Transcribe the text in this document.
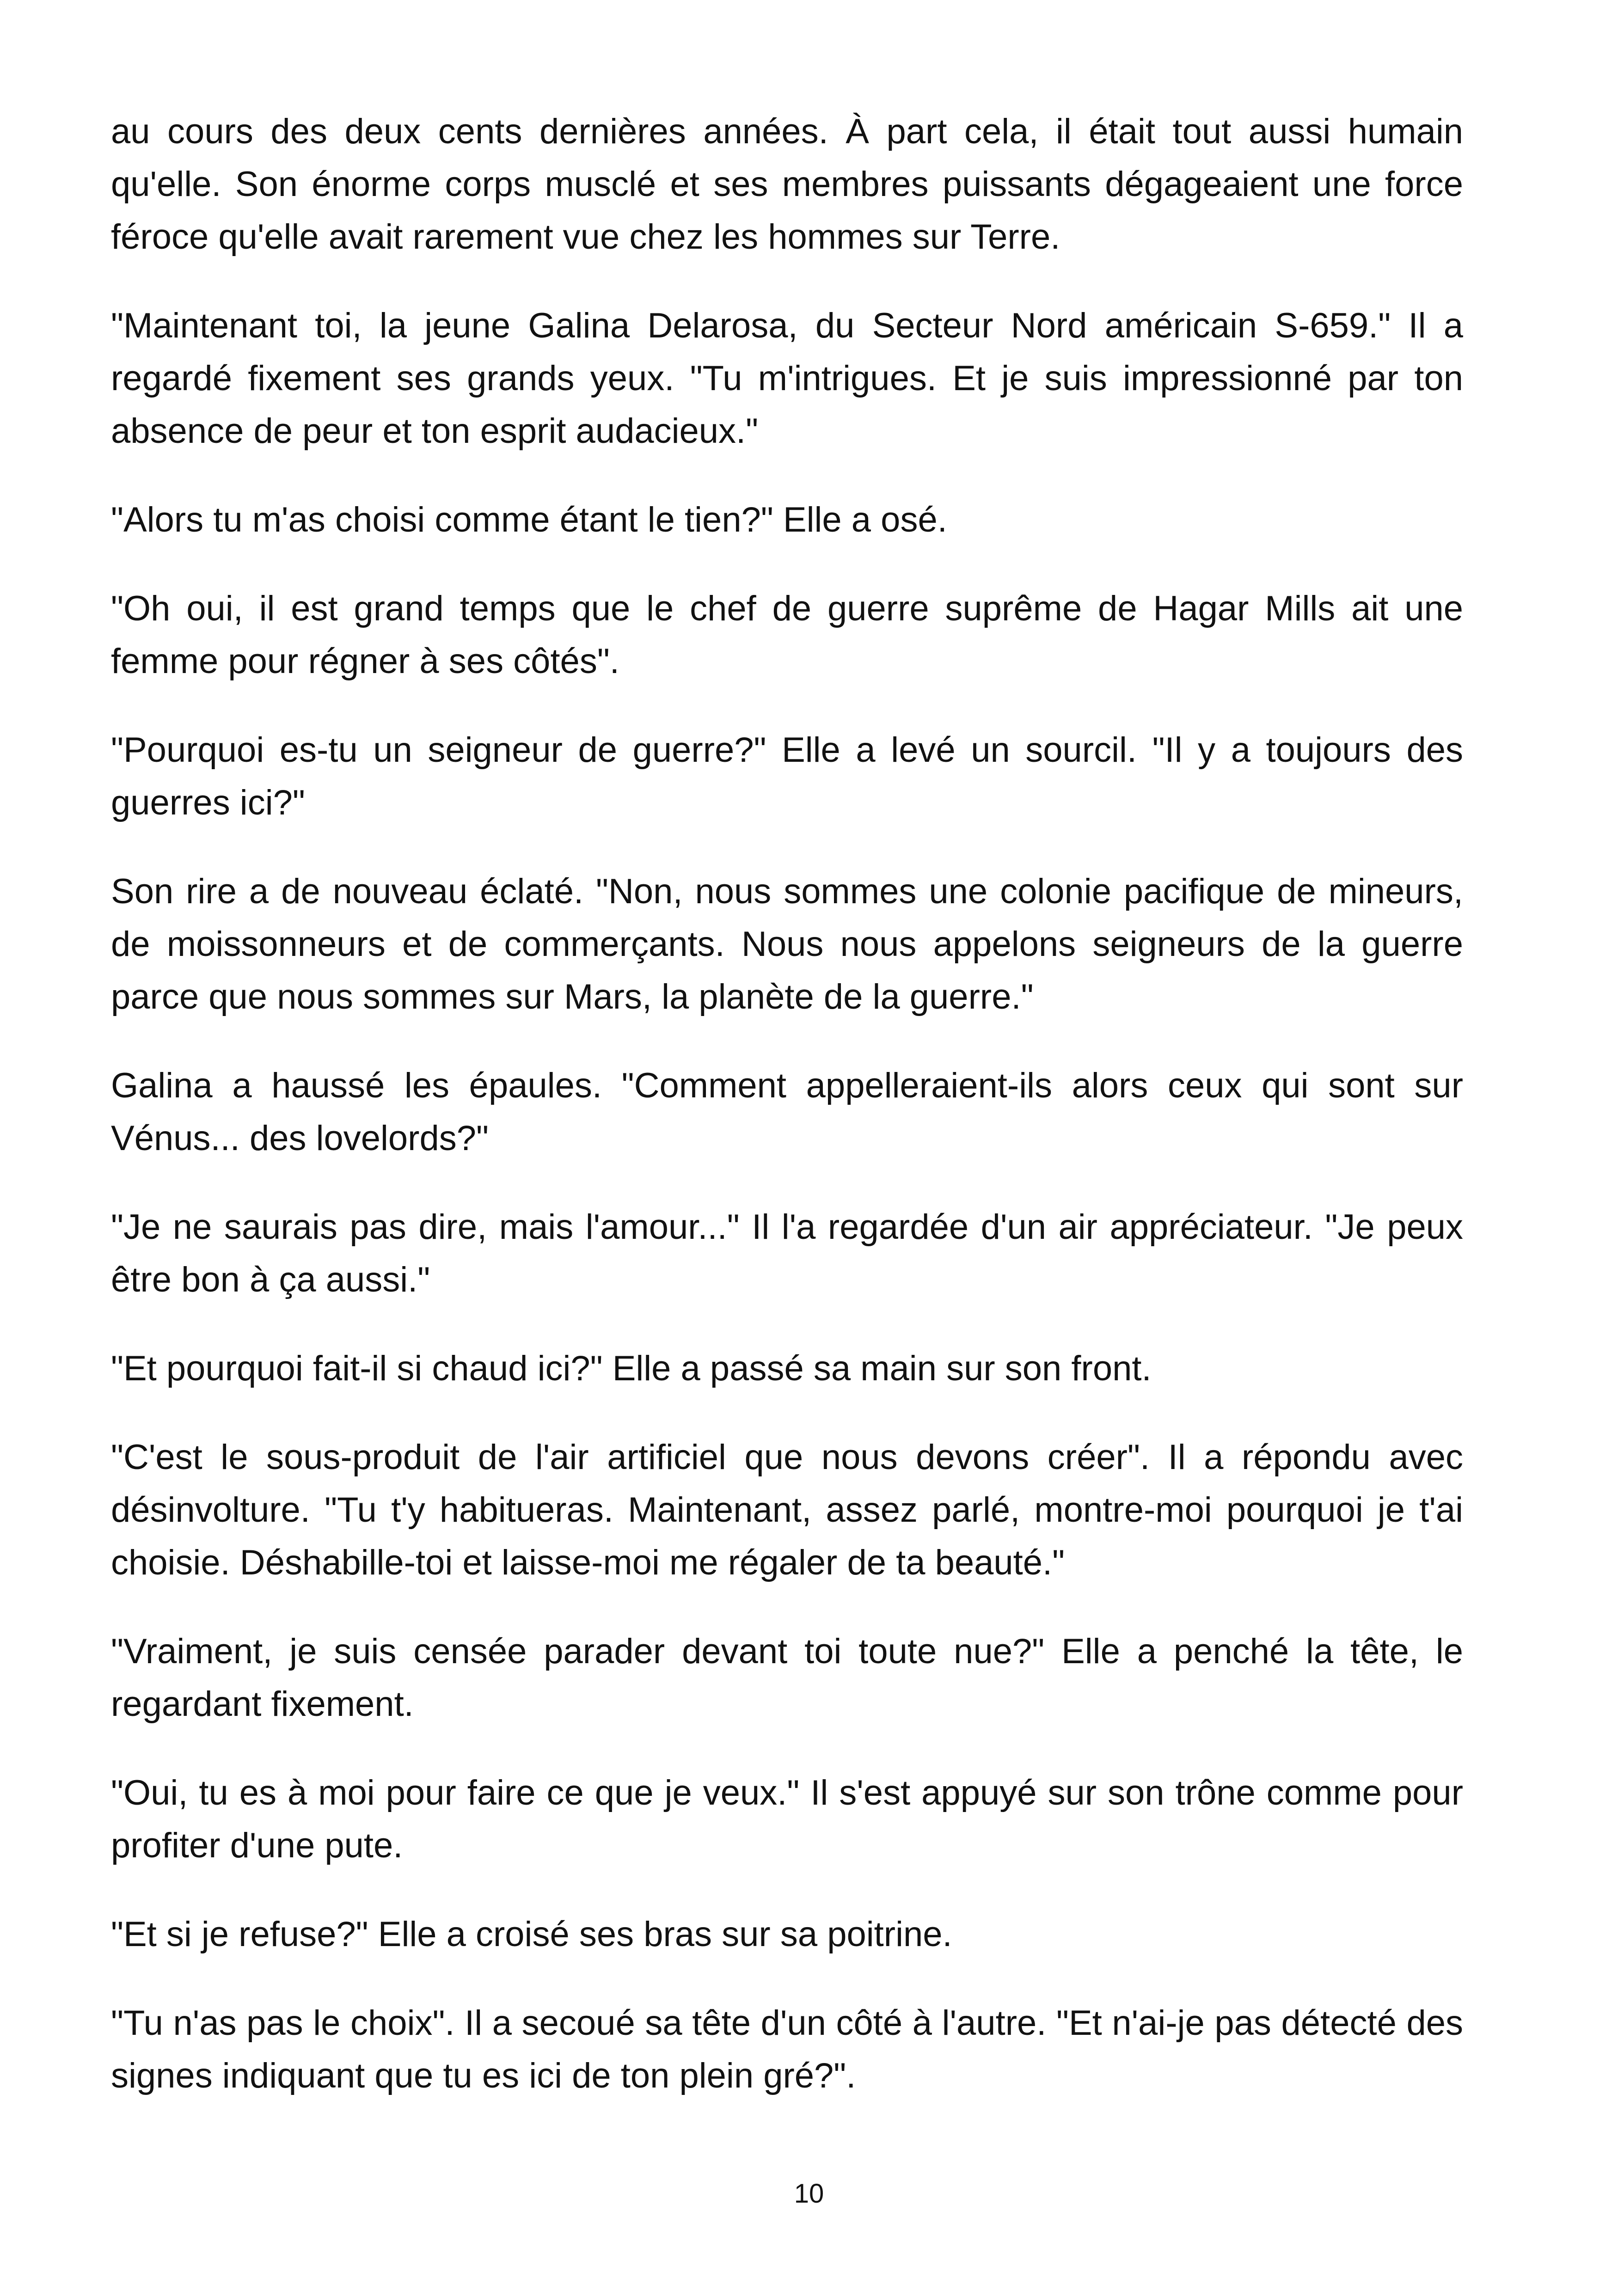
au cours des deux cents dernières années. À part cela, il était tout aussi humain qu'elle. Son énorme corps musclé et ses membres puissants dégageaient une force féroce qu'elle avait rarement vue chez les hommes sur Terre.

"Maintenant toi, la jeune Galina Delarosa, du Secteur Nord américain S-659." Il a regardé fixement ses grands yeux. "Tu m'intrigues. Et je suis impressionné par ton absence de peur et ton esprit audacieux."

"Alors tu m'as choisi comme étant le tien?" Elle a osé.

"Oh oui, il est grand temps que le chef de guerre suprême de Hagar Mills ait une femme pour régner à ses côtés".

"Pourquoi es-tu un seigneur de guerre?" Elle a levé un sourcil. "Il y a toujours des guerres ici?"

Son rire a de nouveau éclaté. "Non, nous sommes une colonie pacifique de mineurs, de moissonneurs et de commerçants. Nous nous appelons seigneurs de la guerre parce que nous sommes sur Mars, la planète de la guerre."

Galina a haussé les épaules. "Comment appelleraient-ils alors ceux qui sont sur Vénus... des lovelords?"

"Je ne saurais pas dire, mais l'amour..." Il l'a regardée d'un air appréciateur. "Je peux être bon à ça aussi."

"Et pourquoi fait-il si chaud ici?" Elle a passé sa main sur son front.

"C'est le sous-produit de l'air artificiel que nous devons créer". Il a répondu avec désinvolture. "Tu t'y habitueras. Maintenant, assez parlé, montre-moi pourquoi je t'ai choisie. Déshabille-toi et laisse-moi me régaler de ta beauté."

"Vraiment, je suis censée parader devant toi toute nue?" Elle a penché la tête, le regardant fixement.

"Oui, tu es à moi pour faire ce que je veux." Il s'est appuyé sur son trône comme pour profiter d'une pute.

"Et si je refuse?" Elle a croisé ses bras sur sa poitrine.

"Tu n'as pas le choix". Il a secoué sa tête d'un côté à l'autre. "Et n'ai-je pas détecté des signes indiquant que tu es ici de ton plein gré?".

10
